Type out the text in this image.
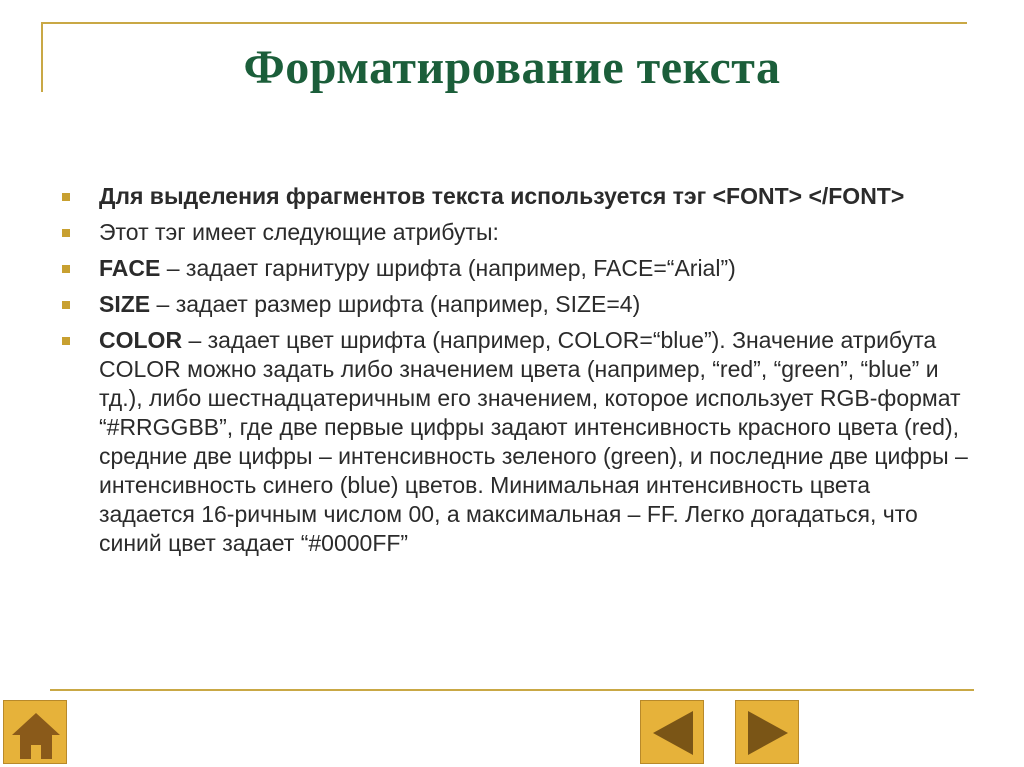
Форматирование текста
Для выделения фрагментов текста используется тэг <FONT> </FONT>
Этот тэг имеет следующие атрибуты:
FACE – задает гарнитуру шрифта (например, FACE=“Arial”)
SIZE – задает размер шрифта (например, SIZE=4)
COLOR – задает цвет шрифта (например, COLOR=“blue”). Значение атрибута COLOR можно задать либо значением цвета (например, “red”, “green”, “blue” и тд.), либо шестнадцатеричным его значением, которое использует RGB-формат “#RRGGBB”, где две первые цифры задают интенсивность красного цвета (red), средние две цифры – интенсивность зеленого (green), и последние две цифры – интенсивность синего (blue) цветов. Минимальная интенсивность цвета задается 16-ричным числом 00, а максимальная – FF. Легко догадаться, что синий цвет задает “#0000FF”
